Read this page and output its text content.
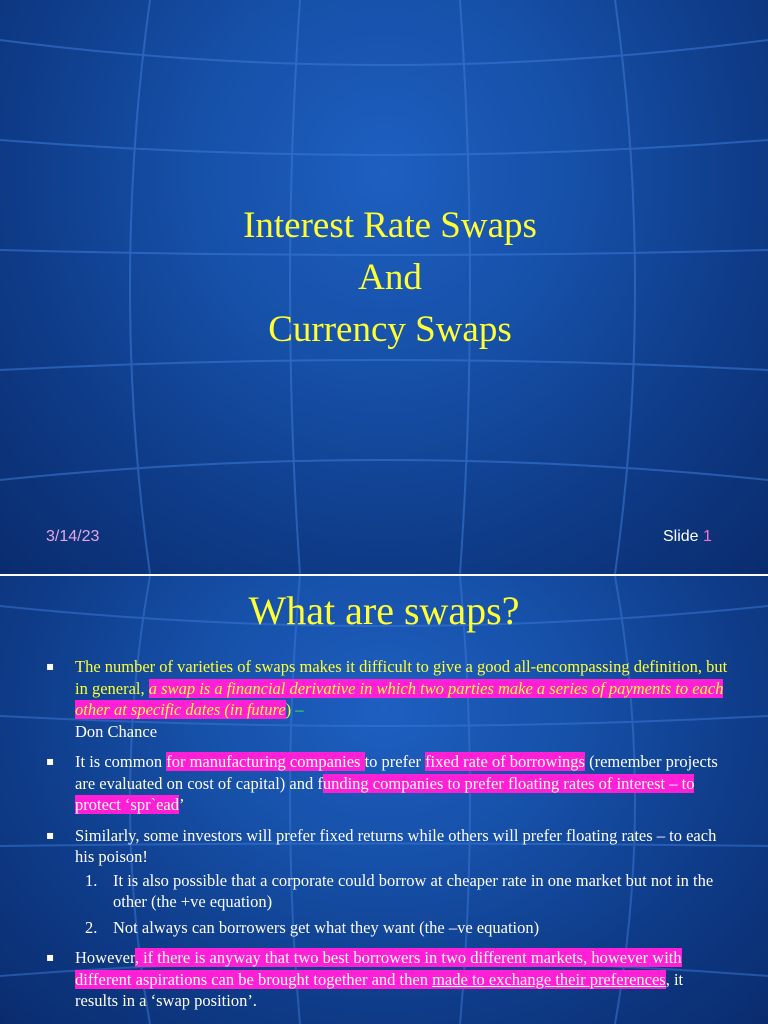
Interest Rate Swaps
And
Currency Swaps
3/14/23	Slide 1
What are swaps?
▪ The number of varieties of swaps makes it difficult to give a good all-encompassing definition, but in general, a swap is a financial derivative in which two parties make a series of payments to each other at specific dates (in future) –
Don Chance
▪ It is common for manufacturing companies to prefer fixed rate of borrowings (remember projects are evaluated on cost of capital) and funding companies to prefer floating rates of interest – to protect ‘spr`ead’
▪ Similarly, some investors will prefer fixed returns while others will prefer floating rates – to each his poison!
1. It is also possible that a corporate could borrow at cheaper rate in one market but not in the other (the +ve equation)
2. Not always can borrowers get what they want (the –ve equation)
▪ However, if there is anyway that two best borrowers in two different markets, however with different aspirations can be brought together and then made to exchange their preferences, it results in a ‘swap position’.
